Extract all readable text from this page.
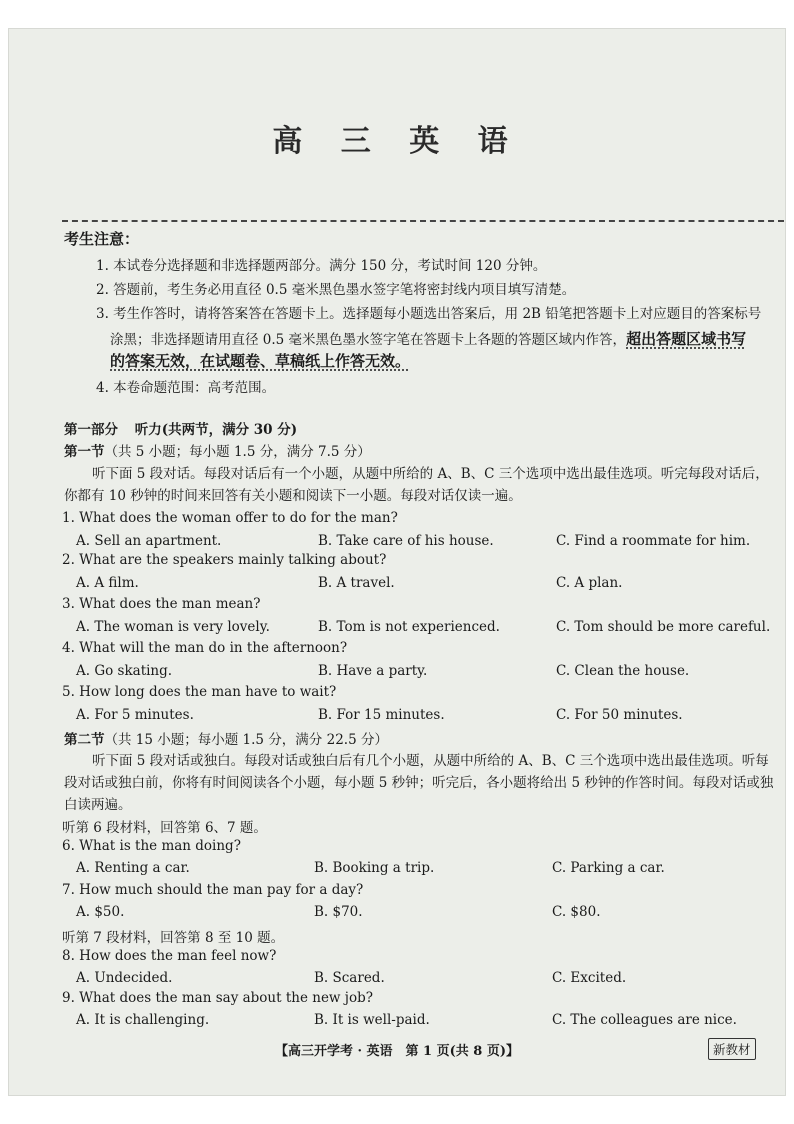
高 三 英 语
考生注意：
1. 本试卷分选择题和非选择题两部分。满分 150 分，考试时间 120 分钟。
2. 答题前，考生务必用直径 0.5 毫米黑色墨水签字笔将密封线内项目填写清楚。
3. 考生作答时，请将答案答在答题卡上。选择题每小题选出答案后，用 2B 铅笔把答题卡上对应题目的答案标号
涂黑；非选择题请用直径 0.5 毫米黑色墨水签字笔在答题卡上各题的答题区域内作答，超出答题区域书写
的答案无效，在试题卷、草稿纸上作答无效。
4. 本卷命题范围：高考范围。
第一部分 听力(共两节，满分 30 分)
第一节（共 5 小题；每小题 1.5 分，满分 7.5 分）
听下面 5 段对话。每段对话后有一个小题，从题中所给的 A、B、C 三个选项中选出最佳选项。听完每段对话后，你都有 10 秒钟的时间来回答有关小题和阅读下一小题。每段对话仅读一遍。
1. What does the woman offer to do for the man?
A. Sell an apartment.	B. Take care of his house.	C. Find a roommate for him.
2. What are the speakers mainly talking about?
A. A film.	B. A travel.	C. A plan.
3. What does the man mean?
A. The woman is very lovely.	B. Tom is not experienced.	C. Tom should be more careful.
4. What will the man do in the afternoon?
A. Go skating.	B. Have a party.	C. Clean the house.
5. How long does the man have to wait?
A. For 5 minutes.	B. For 15 minutes.	C. For 50 minutes.
第二节（共 15 小题；每小题 1.5 分，满分 22.5 分）
听下面 5 段对话或独白。每段对话或独白后有几个小题，从题中所给的 A、B、C 三个选项中选出最佳选项。听每段对话或独白前，你将有时间阅读各个小题，每小题 5 秒钟；听完后，各小题将给出 5 秒钟的作答时间。每段对话或独白读两遍。
听第 6 段材料，回答第 6、7 题。
6. What is the man doing?
A. Renting a car.	B. Booking a trip.	C. Parking a car.
7. How much should the man pay for a day?
A. $50.	B. $70.	C. $80.
听第 7 段材料，回答第 8 至 10 题。
8. How does the man feel now?
A. Undecided.	B. Scared.	C. Excited.
9. What does the man say about the new job?
A. It is challenging.	B. It is well-paid.	C. The colleagues are nice.
【高三开学考 · 英语　第 1 页(共 8 页)】	新教材
